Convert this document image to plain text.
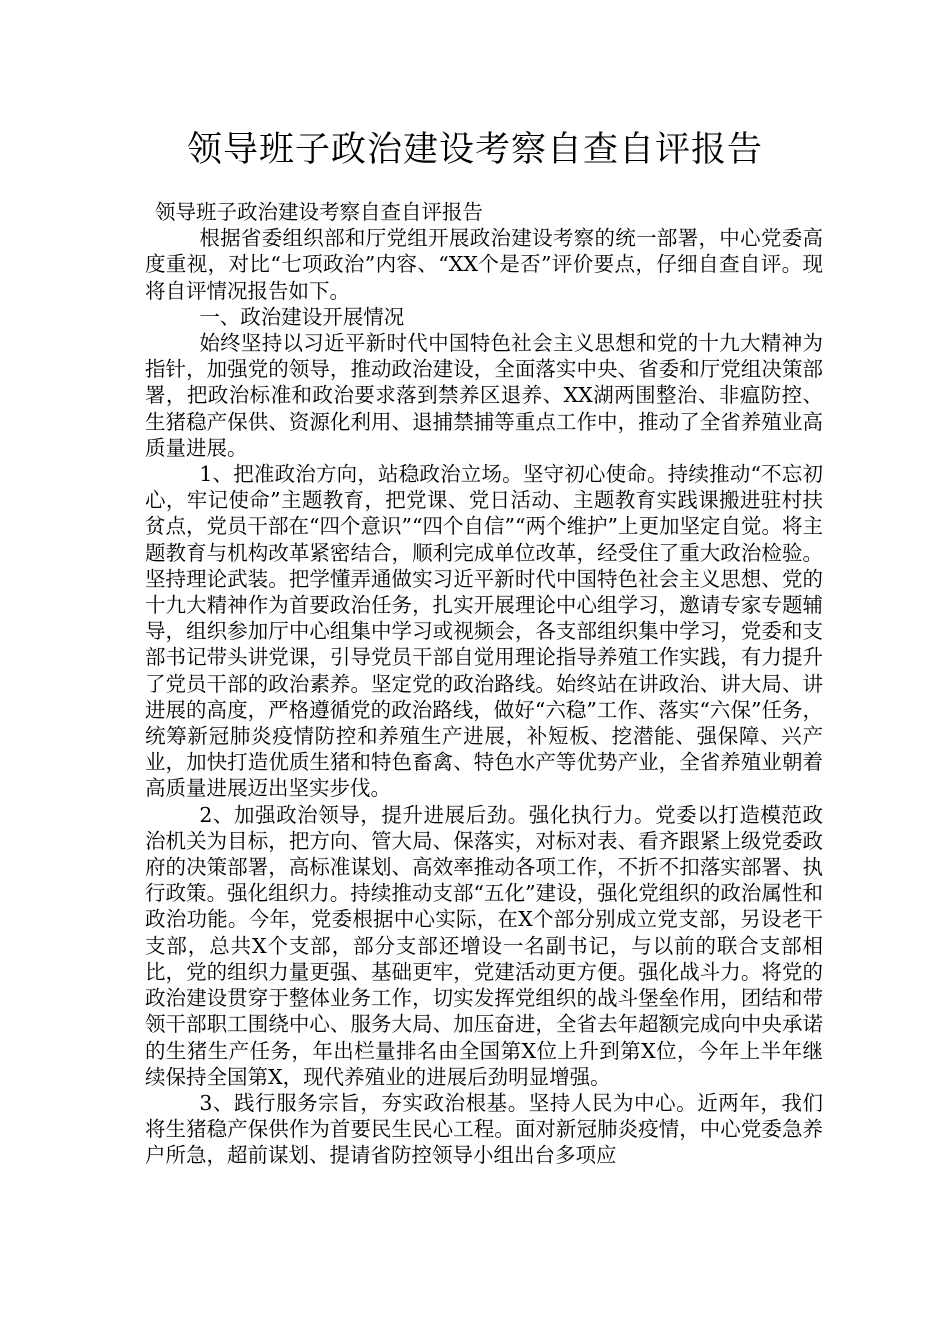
领导班子政治建设考察自查自评报告

领导班子政治建设考察自查自评报告

根据省委组织部和厅党组开展政治建设考察的统一部署，中心党委高度重视，对比“七项政治”内容、“XX个是否”评价要点，仔细自查自评。现将自评情况报告如下。

一、政治建设开展情况

始终坚持以习近平新时代中国特色社会主义思想和党的十九大精神为指针，加强党的领导，推动政治建设，全面落实中央、省委和厅党组决策部署，把政治标准和政治要求落到禁养区退养、XX湖两围整治、非瘟防控、生猪稳产保供、资源化利用、退捕禁捕等重点工作中，推动了全省养殖业高质量进展。

1、把准政治方向，站稳政治立场。坚守初心使命。持续推动“不忘初心，牢记使命”主题教育，把党课、党日活动、主题教育实践课搬进驻村扶贫点，党员干部在“四个意识”“四个自信”“两个维护”上更加坚定自觉。将主题教育与机构改革紧密结合，顺利完成单位改革，经受住了重大政治检验。坚持理论武装。把学懂弄通做实习近平新时代中国特色社会主义思想、党的十九大精神作为首要政治任务，扎实开展理论中心组学习，邀请专家专题辅导，组织参加厅中心组集中学习或视频会，各支部组织集中学习，党委和支部书记带头讲党课，引导党员干部自觉用理论指导养殖工作实践，有力提升了党员干部的政治素养。坚定党的政治路线。始终站在讲政治、讲大局、讲进展的高度，严格遵循党的政治路线，做好“六稳”工作、落实“六保”任务，统筹新冠肺炎疫情防控和养殖生产进展，补短板、挖潜能、强保障、兴产业，加快打造优质生猪和特色畜禽、特色水产等优势产业，全省养殖业朝着高质量进展迈出坚实步伐。

2、加强政治领导，提升进展后劲。强化执行力。党委以打造模范政治机关为目标，把方向、管大局、保落实，对标对表、看齐跟紧上级党委政府的决策部署，高标准谋划、高效率推动各项工作，不折不扣落实部署、执行政策。强化组织力。持续推动支部“五化”建设，强化党组织的政治属性和政治功能。今年，党委根据中心实际，在X个部分别成立党支部，另设老干支部，总共X个支部，部分支部还增设一名副书记，与以前的联合支部相比，党的组织力量更强、基础更牢，党建活动更方便。强化战斗力。将党的政治建设贯穿于整体业务工作，切实发挥党组织的战斗堡垒作用，团结和带领干部职工围绕中心、服务大局、加压奋进，全省去年超额完成向中央承诺的生猪生产任务，年出栏量排名由全国第X位上升到第X位，今年上半年继续保持全国第X，现代养殖业的进展后劲明显增强。

3、践行服务宗旨，夯实政治根基。坚持人民为中心。近两年，我们将生猪稳产保供作为首要民生民心工程。面对新冠肺炎疫情，中心党委急养户所急，超前谋划、提请省防控领导小组出台多项应
